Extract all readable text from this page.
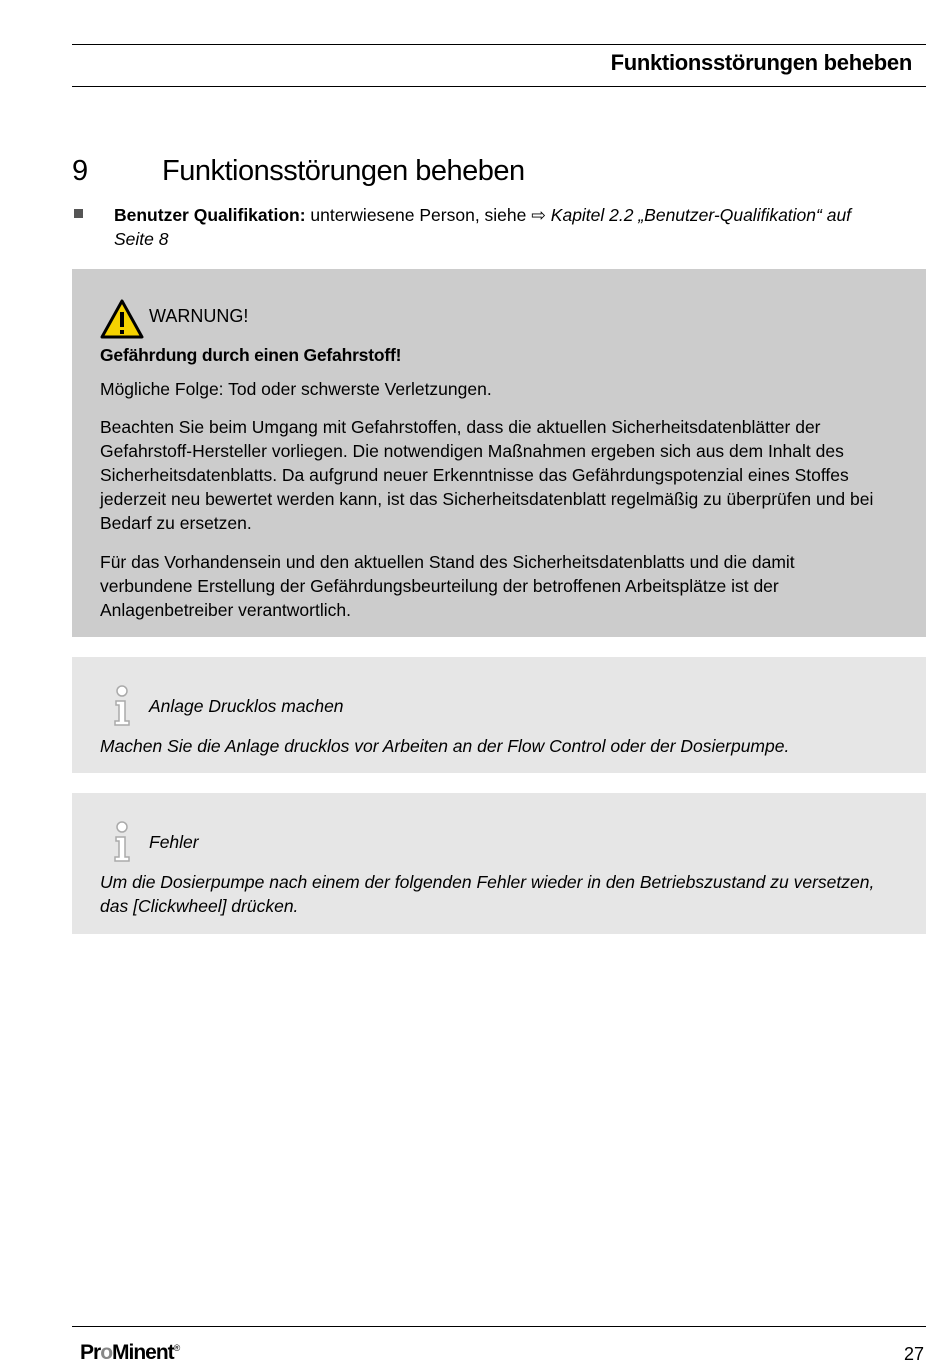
Funktionsstörungen beheben
9	Funktionsstörungen beheben
Benutzer Qualifikation: unterwiesene Person, siehe ⇨ Kapitel 2.2 „Benutzer-Qualifikation“ auf Seite 8
WARNUNG!
Gefährdung durch einen Gefahrstoff!
Mögliche Folge: Tod oder schwerste Verletzungen.
Beachten Sie beim Umgang mit Gefahrstoffen, dass die aktuellen Sicherheitsdatenblätter der Gefahrstoff-Hersteller vorliegen. Die notwendigen Maßnahmen ergeben sich aus dem Inhalt des Sicherheitsdatenblatts. Da aufgrund neuer Erkenntnisse das Gefährdungspotenzial eines Stoffes jederzeit neu bewertet werden kann, ist das Sicherheitsdatenblatt regelmäßig zu überprüfen und bei Bedarf zu ersetzen.
Für das Vorhandensein und den aktuellen Stand des Sicherheitsdatenblatts und die damit verbundene Erstellung der Gefährdungsbeurteilung der betroffenen Arbeitsplätze ist der Anlagenbetreiber verantwortlich.
Anlage Drucklos machen
Machen Sie die Anlage drucklos vor Arbeiten an der Flow Control oder der Dosierpumpe.
Fehler
Um die Dosierpumpe nach einem der folgenden Fehler wieder in den Betriebszustand zu versetzen, das [Clickwheel] drücken.
ProMinent®	27
